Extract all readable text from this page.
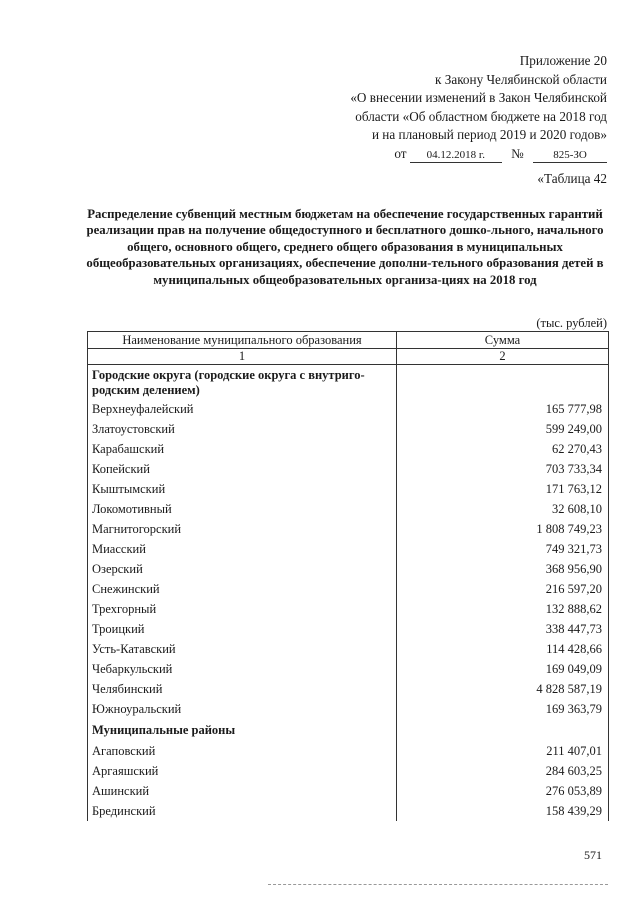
Приложение 20
к Закону Челябинской области
«О внесении изменений в Закон Челябинской
области «Об областном бюджете на 2018 год
и на плановый период 2019 и 2020 годов»
от 04.12.2018 г. №	825-ЗО
«Таблица 42
Распределение субвенций местным бюджетам на обеспечение государственных гарантий реализации прав на получение общедоступного и бесплатного дошко-льного, начального общего, основного общего, среднего общего образования в муниципальных общеобразовательных организациях, обеспечение дополни-тельного образования детей в муниципальных общеобразовательных организа-циях на 2018 год
(тыс. рублей)
Наименование муниципального образования	Сумма
1	2
Городские округа (городские округа с внутриго-родским делением)	
Верхнеуфалейский	165 777,98
Златоустовский	599 249,00
Карабашский	62 270,43
Копейский	703 733,34
Кыштымский	171 763,12
Локомотивный	32 608,10
Магнитогорский	1 808 749,23
Миасский	749 321,73
Озерский	368 956,90
Снежинский	216 597,20
Трехгорный	132 888,62
Троицкий	338 447,73
Усть-Катавский	114 428,66
Чебаркульский	169 049,09
Челябинский	4 828 587,19
Южноуральский	169 363,79
Муниципальные районы	
Агаповский	211 407,01
Аргаяшский	284 603,25
Ашинский	276 053,89
Брединский	158 439,29
571
